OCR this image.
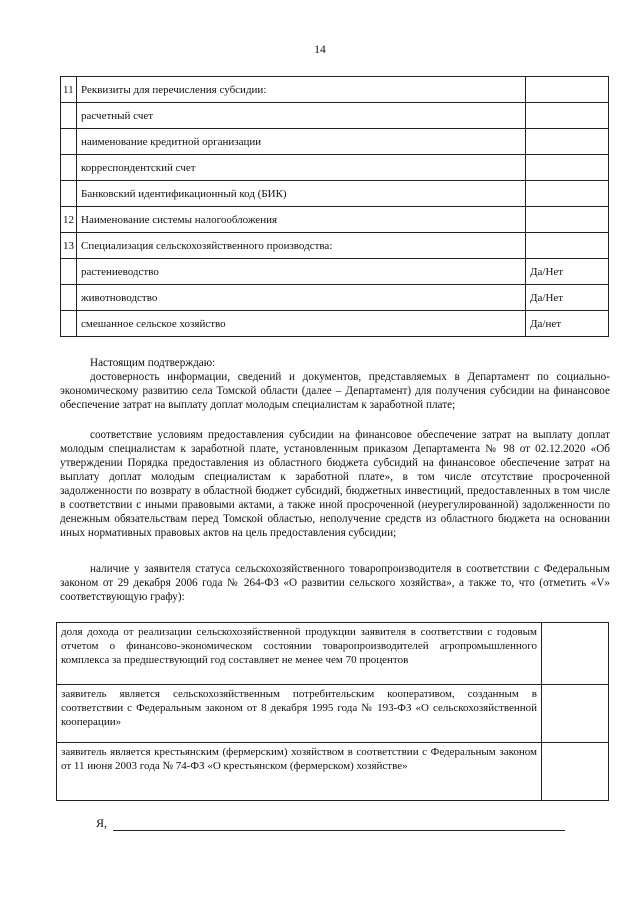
14
11	Реквизиты для перечисления субсидии:	
	расчетный счет	
	наименование кредитной организации	
	корреспондентский счет	
	Банковский идентификационный код (БИК)	
12	Наименование системы налогообложения	
13	Специализация сельскохозяйственного производства:	
	растениеводство	Да/Нет
	животноводство	Да/Нет
	смешанное сельское хозяйство	Да/нет
Настоящим подтверждаю:
достоверность информации, сведений и документов, представляемых в Департамент по социально-экономическому развитию села Томской области (далее – Департамент) для получения субсидии на финансовое обеспечение затрат на выплату доплат молодым специалистам к заработной плате;
соответствие условиям предоставления субсидии на финансовое обеспечение затрат на выплату доплат молодым специалистам к заработной плате, установленным приказом Департамента № 98 от 02.12.2020 «Об утверждении Порядка предоставления из областного бюджета субсидий на финансовое обеспечение затрат на выплату доплат молодым специалистам к заработной плате», в том числе отсутствие просроченной задолженности по возврату в областной бюджет субсидий, бюджетных инвестиций, предоставленных в том числе в соответствии с иными правовыми актами, а также иной просроченной (неурегулированной) задолженности по денежным обязательствам перед Томской областью, неполучение средств из областного бюджета на основании иных нормативных правовых актов на цель предоставления субсидии;
наличие у заявителя статуса сельскохозяйственного товаропроизводителя в соответствии с Федеральным законом от 29 декабря 2006 года № 264-ФЗ «О развитии сельского хозяйства», а также то, что (отметить «V» соответствующую графу):
доля дохода от реализации сельскохозяйственной продукции заявителя в соответствии с годовым отчетом о финансово-экономическом состоянии товаропроизводителей агропромышленного комплекса за предшествующий год составляет не менее чем 70 процентов	
заявитель является сельскохозяйственным потребительским кооперативом, созданным в соответствии с Федеральным законом от 8 декабря 1995 года № 193-ФЗ «О сельскохозяйственной кооперации»	
заявитель является крестьянским (фермерским) хозяйством в соответствии с Федеральным законом от 11 июня 2003 года № 74-ФЗ «О крестьянском (фермерском) хозяйстве»	
Я,
